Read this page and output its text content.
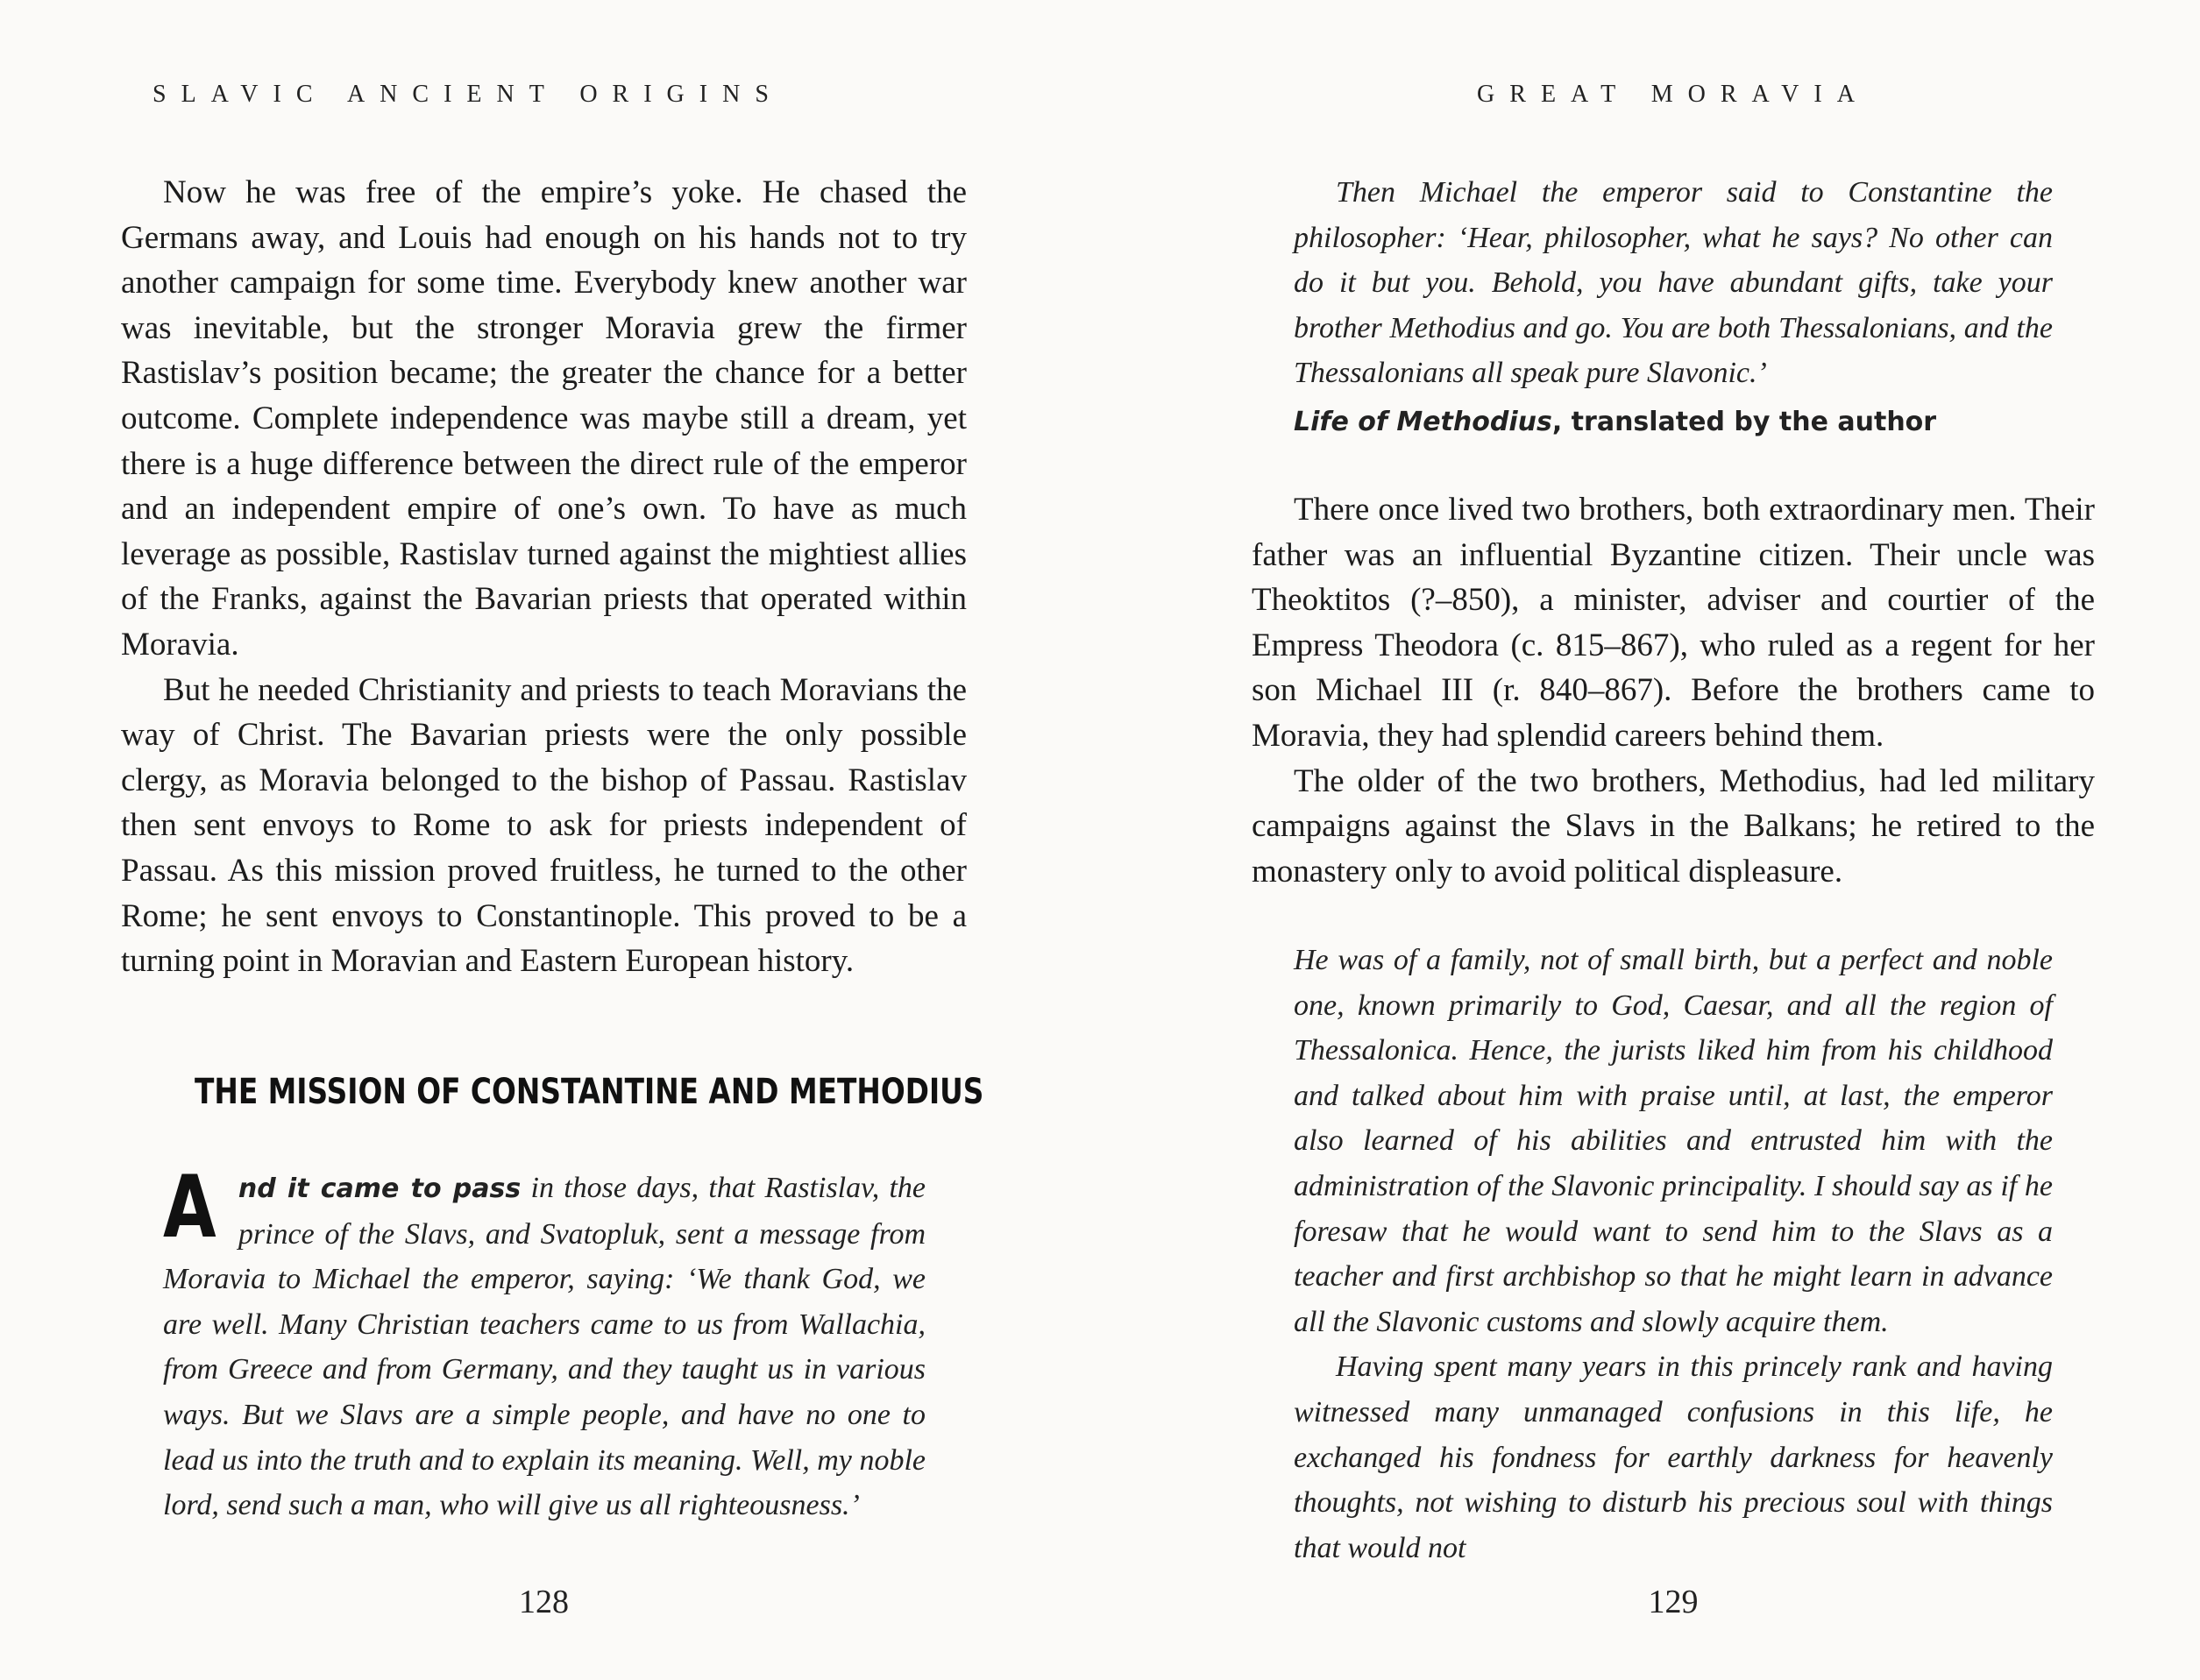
SLAVIC ANCIENT ORIGINS

Now he was free of the empire’s yoke. He chased the Germans away, and Louis had enough on his hands not to try another campaign for some time. Everybody knew another war was inevitable, but the stronger Moravia grew the firmer Rastislav’s position became; the greater the chance for a better outcome. Complete independence was maybe still a dream, yet there is a huge difference between the direct rule of the emperor and an independent empire of one’s own. To have as much leverage as possible, Rastislav turned against the mightiest allies of the Franks, against the Bavarian priests that operated within Moravia.

But he needed Christianity and priests to teach Moravians the way of Christ. The Bavarian priests were the only possible clergy, as Moravia belonged to the bishop of Passau. Rastislav then sent envoys to Rome to ask for priests independent of Passau. As this mission proved fruitless, he turned to the other Rome; he sent envoys to Constantinople. This proved to be a turning point in Moravian and Eastern European history.

THE MISSION OF CONSTANTINE AND METHODIUS

And it came to pass in those days, that Rastislav, the prince of the Slavs, and Svatopluk, sent a message from Moravia to Michael the emperor, saying: ‘We thank God, we are well. Many Christian teachers came to us from Wallachia, from Greece and from Germany, and they taught us in various ways. But we Slavs are a simple people, and have no one to lead us into the truth and to explain its meaning. Well, my noble lord, send such a man, who will give us all righteousness.’

128
GREAT MORAVIA

Then Michael the emperor said to Constantine the philosopher: ‘Hear, philosopher, what he says? No other can do it but you. Behold, you have abundant gifts, take your brother Methodius and go. You are both Thessalonians, and the Thessalonians all speak pure Slavonic.’

Life of Methodius, translated by the author

There once lived two brothers, both extraordinary men. Their father was an influential Byzantine citizen. Their uncle was Theoktitos (?–850), a minister, adviser and courtier of the Empress Theodora (c. 815–867), who ruled as a regent for her son Michael III (r. 840–867). Before the brothers came to Moravia, they had splendid careers behind them.

The older of the two brothers, Methodius, had led military campaigns against the Slavs in the Balkans; he retired to the monastery only to avoid political displeasure.

He was of a family, not of small birth, but a perfect and noble one, known primarily to God, Caesar, and all the region of Thessalonica. Hence, the jurists liked him from his childhood and talked about him with praise until, at last, the emperor also learned of his abilities and entrusted him with the administration of the Slavonic principality. I should say as if he foresaw that he would want to send him to the Slavs as a teacher and first archbishop so that he might learn in advance all the Slavonic customs and slowly acquire them.

Having spent many years in this princely rank and having witnessed many unmanaged confusions in this life, he exchanged his fondness for earthly darkness for heavenly thoughts, not wishing to disturb his precious soul with things that would not

129
